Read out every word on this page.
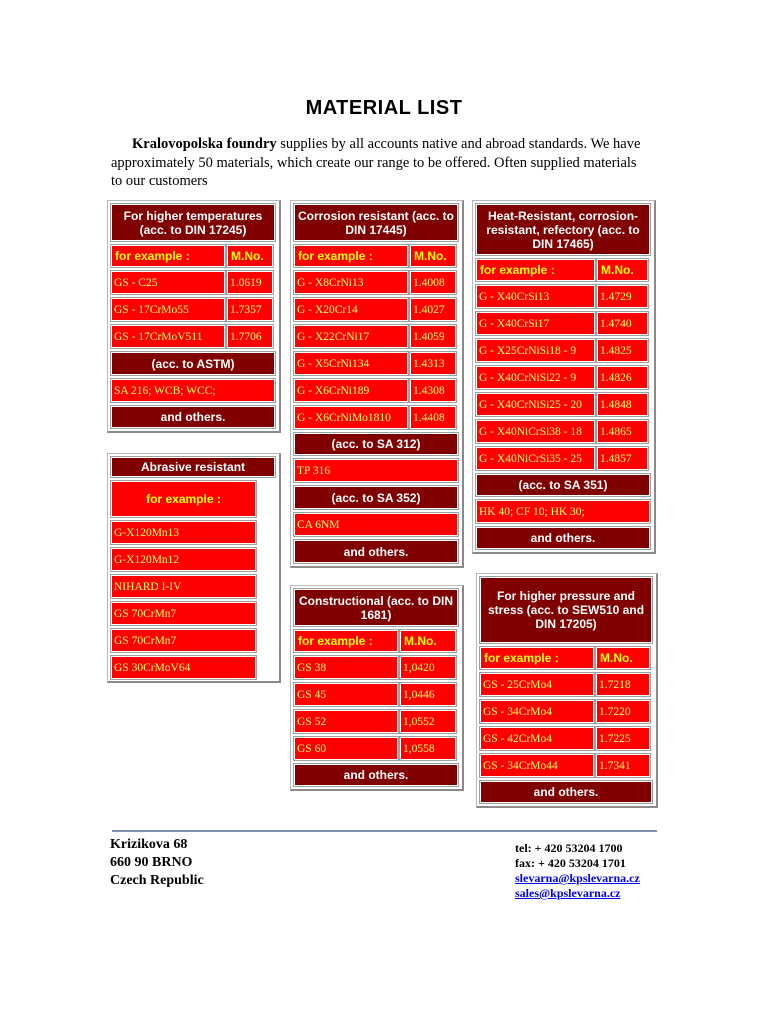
MATERIAL LIST
Kralovopolska foundry supplies by all accounts native and abroad standards. We have approximately 50 materials, which create our range to be offered. Often supplied materials to our customers
For higher temperatures (acc. to DIN 17245)
for example :	M.No.
GS - C25	1.0619
GS - 17CrMo55	1.7357
GS - 17CrMoV511	1.7706
(acc. to ASTM)
SA 216; WCB; WCC;
and others.
Abrasive resistant
for example :
G-X120Mn13
G-X120Mn12
NIHARD I-IV
GS 70CrMn7
GS 70CrMn7
GS 30CrMoV64
Corrosion resistant (acc. to DIN 17445)
for example :	M.No.
G - X8CrNi13	1.4008
G - X20Cr14	1.4027
G - X22CrNi17	1.4059
G - X5CrNi134	1.4313
G - X6CrNi189	1.4308
G - X6CrNiMo1810	1.4408
(acc. to SA 312)
TP 316
(acc. to SA 352)
CA 6NM
and others.
Heat-Resistant, corrosion-resistant, refectory (acc. to DIN 17465)
for example :	M.No.
G - X40CrSi13	1.4729
G - X40CrSi17	1.4740
G - X25CrNiSi18 - 9	1.4825
G - X40CrNiSi22 - 9	1.4826
G - X40CrNiSi25 - 20	1.4848
G - X40NiCrSi38 - 18	1.4865
G - X40NiCrSi35 - 25	1.4857
(acc. to SA 351)
HK 40; CF 10; HK 30;
and others.
Constructional (acc. to DIN 1681)
for example :	M.No.
GS 38	1,0420
GS 45	1,0446
GS 52	1,0552
GS 60	1,0558
and others.
For higher pressure and stress (acc. to SEW510 and DIN 17205)
for example :	M.No.
GS - 25CrMo4	1.7218
GS - 34CrMo4	1.7220
GS - 42CrMo4	1.7225
GS - 34CrMo44	1.7341
and others.
Krizikova 68
660 90 BRNO
Czech Republic
tel: + 420 53204 1700
fax: + 420 53204 1701
slevarna@kpslevarna.cz
sales@kpslevarna.cz
